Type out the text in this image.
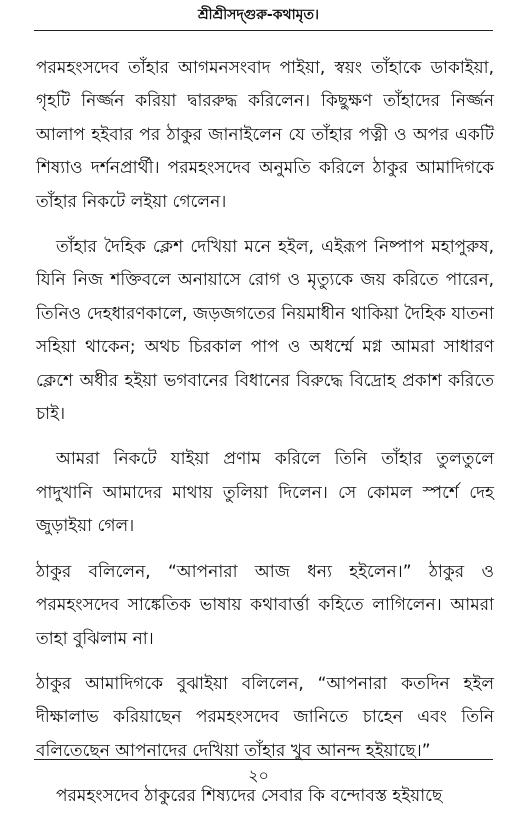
শ্রীশ্রীসদ্‌গুরু-কথামৃত।

পরমহংসদেব তাঁহার আগমনসংবাদ পাইয়া, স্বয়ং তাঁহাকে ডাকাইয়া, গৃহটি নির্জ্জন করিয়া দ্বাররুদ্ধ করিলেন। কিছুক্ষণ তাঁহাদের নির্জ্জন আলাপ হইবার পর ঠাকুর জানাইলেন যে তাঁহার পত্নী ও অপর একটি শিষ্যাও দর্শনপ্রার্থী। পরমহংসদেব অনুমতি করিলে ঠাকুর আমাদিগকে তাঁহার নিকটে লইয়া গেলেন।

তাঁহার দৈহিক ক্লেশ দেখিয়া মনে হইল, এইরূপ নিষ্পাপ মহাপুরুষ, যিনি নিজ শক্তিবলে অনায়াসে রোগ ও মৃত্যুকে জয় করিতে পারেন, তিনিও দেহধারণকালে, জড়জগতের নিয়মাধীন থাকিয়া দৈহিক যাতনা সহিয়া থাকেন; অথচ চিরকাল পাপ ও অধর্ম্মে মগ্ন আমরা সাধারণ ক্লেশে অধীর হইয়া ভগবানের বিধানের বিরুদ্ধে বিদ্রোহ প্রকাশ করিতে চাই।

আমরা নিকটে যাইয়া প্রণাম করিলে তিনি তাঁহার তুলতুলে পাদুখানি আমাদের মাথায় তুলিয়া দিলেন। সে কোমল স্পর্শে দেহ জুড়াইয়া গেল।

ঠাকুর বলিলেন, “আপনারা আজ ধন্য হইলেন।” ঠাকুর ও পরমহংসদেব সাঙ্কেতিক ভাষায় কথাবার্ত্তা কহিতে লাগিলেন। আমরা তাহা বুঝিলাম না।

ঠাকুর আমাদিগকে বুঝাইয়া বলিলেন, “আপনারা কতদিন হইল দীক্ষালাভ করিয়াছেন পরমহংসদেব জানিতে চাহেন এবং তিনি বলিতেছেন আপনাদের দেখিয়া তাঁহার খুব আনন্দ হইয়াছে।”

পরমহংসদেব ঠাকুরের শিষ্যদের সেবার কি বন্দোবস্ত হইয়াছে

২০
